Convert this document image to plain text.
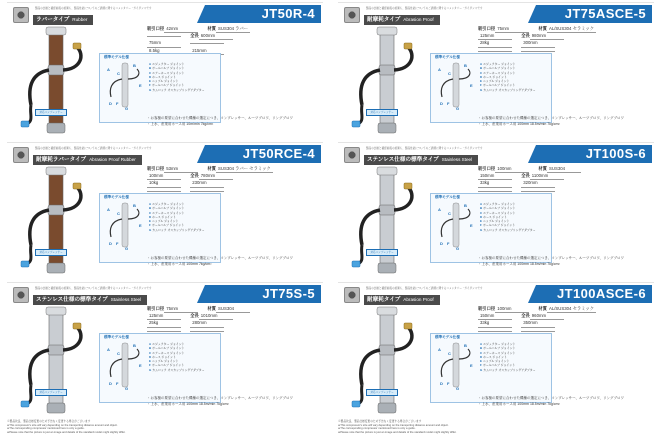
製品の比較と確認前後の差異も、製品性能についてのご詳細に関するコメンタリー・ガイダンスです
ラバータイプ Rubber	JT50R-4
吸引口径 42mm	材質 SUS304 ラバー
全長 600mm
75mm
8.5kg	215mm
標準モデル仕様
A
B
C
D
E
F
G
Aエジェクター ジョイント
Bボールバルブ ジョイント
Cエアーホース ジョイント
Dホース ジョイント
Eニップル ジョイント
Fボールバルブ ジョイント
Gカムロック オスカップリングアダプター
対応コンプレッサー
・お客様の要望に合わせた機種の選定につき、コンプレッサー、ルーツブロワ、リングブロワ
・上水、産業用ホース用 10m/min 7kg/cm²
製品の比較と確認前後の差異も、製品性能についてのご詳細に関するコメンタリー・ガイダンスです
耐摩耗ラバータイプ Abrasion Proof Rubber	JT50RCE-4
吸引口径 53mm	材質 SUS304 ラバー セラミック
100mm	全長 780mm
10kg	230mm

標準モデル仕様
A
B
C
D
E
F
G
Aエジェクター ジョイント
Bボールバルブ ジョイント
Cエアーホース ジョイント
Dホース ジョイント
Eニップル ジョイント
Fボールバルブ ジョイント
Gカムロック オスカップリングアダプター
対応コンプレッサー
・お客様の要望に合わせた機種の選定につき、コンプレッサー、ルーツブロワ、リングブロワ
・上水、産業用ホース用 100mm 7kg/cm²
製品の比較と確認前後の差異も、製品性能についてのご詳細に関するコメンタリー・ガイダンスです
ステンレス仕様の標準タイプ Stainless Steel	JT75S-5
吸引口径 75mm	材質 SUS304
125mm	全長 1010mm
25kg	280mm

標準モデル仕様
A
B
C
D
E
F
G
Aエジェクター ジョイント
Bボールバルブ ジョイント
Cエアーホース ジョイント
Dホース ジョイント
Eニップル ジョイント
Fボールバルブ ジョイント
Gカムロック オスカップリングアダプター
対応コンプレッサー
・お客様の要望に合わせた機種の選定につき、コンプレッサー、ルーツブロワ、リングブロワ
・上水、産業用ホース用 100mm 18.5m/min 7kg/cm²
製品の比較と確認前後の差異も、製品性能についてのご詳細に関するコメンタリー・ガイダンスです
耐摩耗タイプ Abrasion Proof	JT75ASCE-5
吸引口径 75mm	材質 AL/SUS304 セラミック
125mm	全長 980mm
28kg	300mm

標準モデル仕様
A
B
C
D
E
F
G
Aエジェクター ジョイント
Bボールバルブ ジョイント
Cエアーホース ジョイント
Dホース ジョイント
Eニップル ジョイント
Fボールバルブ ジョイント
Gカムロック オスカップリングアダプター
対応コンプレッサー
・お客様の要望に合わせた機種の選定につき、コンプレッサー、ルーツブロワ、リングブロワ
・上水、産業用ホース用 100mm 18.5m/min 7kg/cm²
製品の比較と確認前後の差異も、製品性能についてのご詳細に関するコメンタリー・ガイダンスです
ステンレス仕様の標準タイプ Stainless Steel	JT100S-6
吸引口径 100mm	材質 SUS304
150mm	全長 1100mm
33kg	320mm

標準モデル仕様
A
B
C
D
E
F
G
Aエジェクター ジョイント
Bボールバルブ ジョイント
Cエアーホース ジョイント
Dホース ジョイント
Eニップル ジョイント
Fボールバルブ ジョイント
Gカムロック オスカップリングアダプター
対応コンプレッサー
・お客様の要望に合わせた機種の選定につき、コンプレッサー、ルーツブロワ、リングブロワ
・上水、産業用ホース用 100mm 18.5m/min 7kg/cm²
製品の比較と確認前後の差異も、製品性能についてのご詳細に関するコメンタリー・ガイダンスです
耐摩耗タイプ Abrasion Proof	JT100ASCE-6
吸引口径 100mm	材質 AL/SUS304 セラミック
150mm	全長 960mm
33kg	350mm

標準モデル仕様
A
B
C
D
E
F
G
Aエジェクター ジョイント
Bボールバルブ ジョイント
Cエアーホース ジョイント
Dホース ジョイント
Eニップル ジョイント
Fボールバルブ ジョイント
Gカムロック オスカップリングアダプター
対応コンプレッサー
・お客様の要望に合わせた機種の選定につき、コンプレッサー、ルーツブロワ、リングブロワ
・上水、産業用ホース用 100mm 18.5m/min 7kg/cm²
※製品改良、製品仕様変更のため予告なく変更する場合がございます
※This compressor's size will vary depending on the transporting distance amount and object.
※The corresponding compressor mentioned here is only a guide.
※Please note that the picture is just an image and details of the standard model might slightly differ.
※製品改良、製品仕様変更のため予告なく変更する場合がございます
※This compressor's size will vary depending on the transporting distance amount and object.
※The corresponding compressor mentioned here is only a guide.
※Please note that the picture is just an image and details of the standard model might slightly differ.
